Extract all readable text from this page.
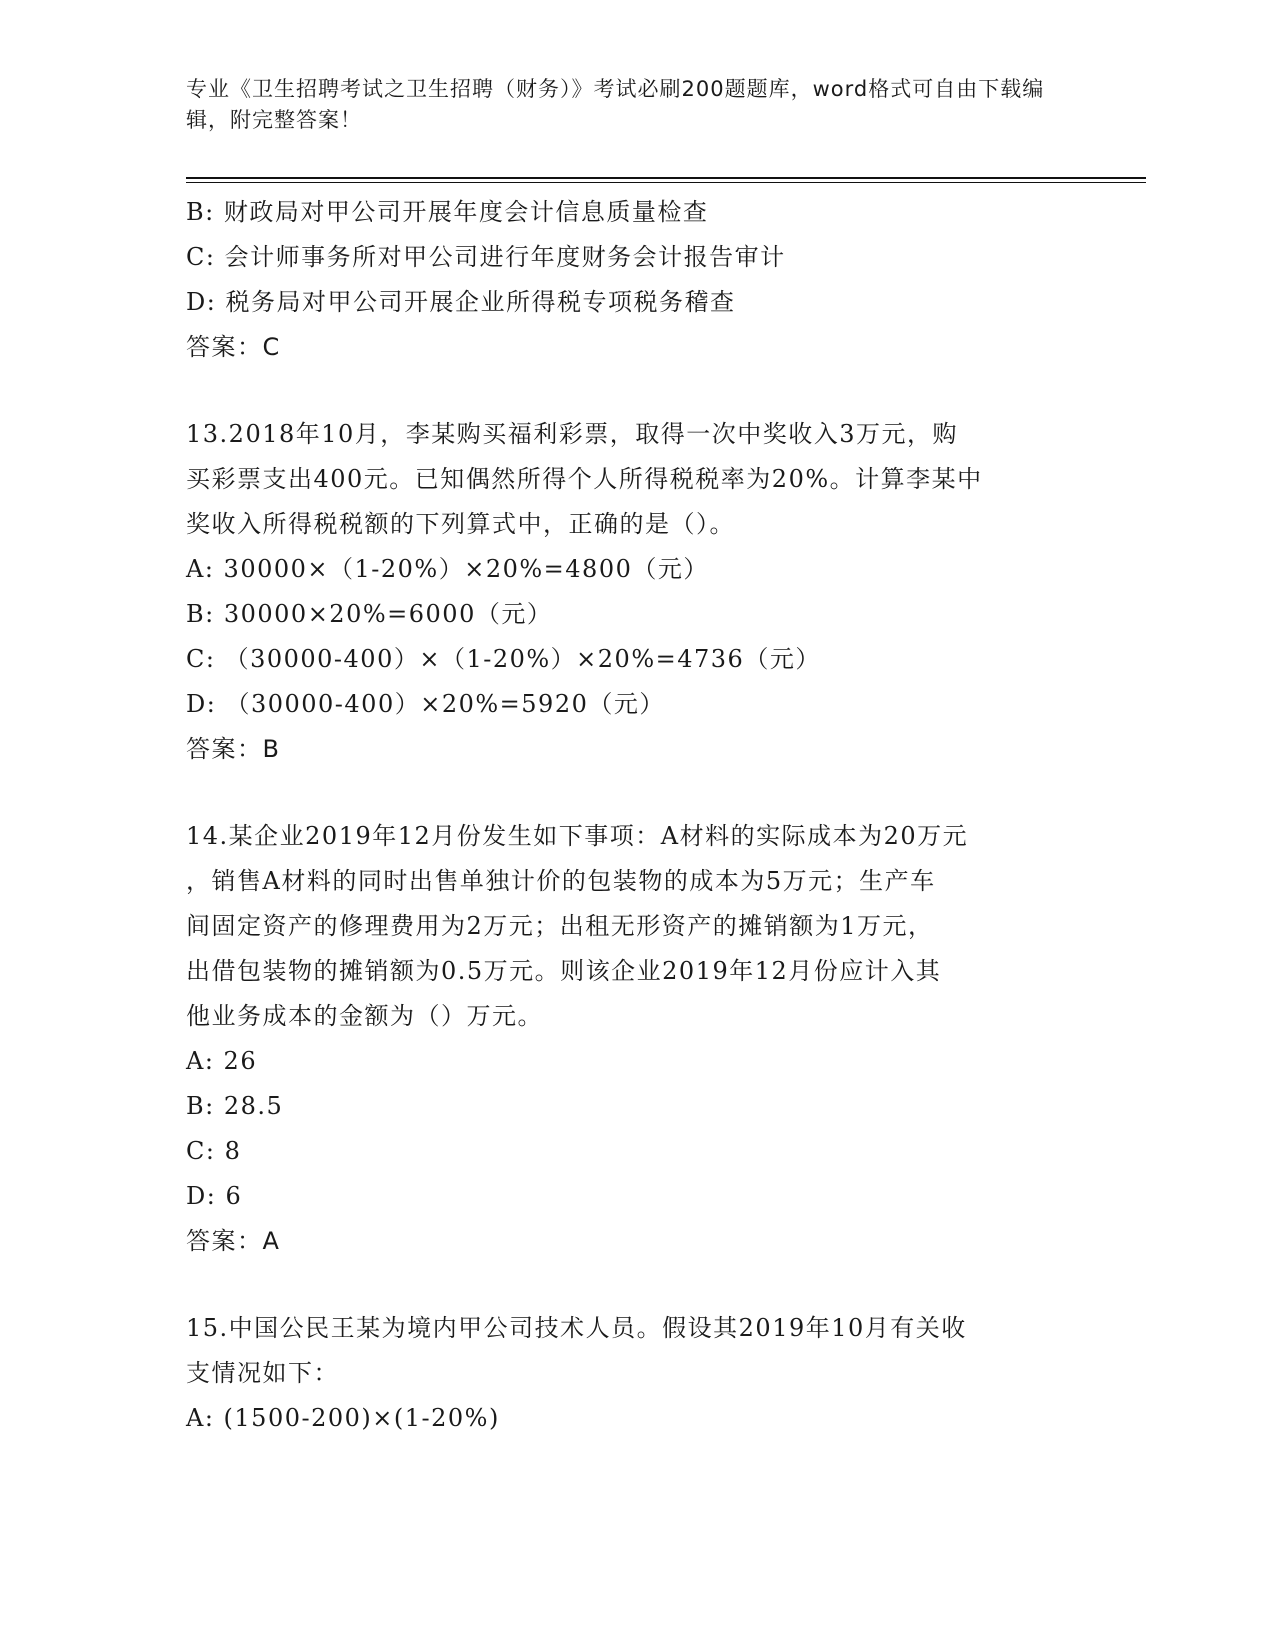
专业《卫生招聘考试之卫生招聘（财务）》考试必刷200题题库，word格式可自由下载编辑，附完整答案！
B: 财政局对甲公司开展年度会计信息质量检查
C: 会计师事务所对甲公司进行年度财务会计报告审计
D: 税务局对甲公司开展企业所得税专项税务稽查
答案：C
13.2018年10月，李某购买福利彩票，取得一次中奖收入3万元，购
买彩票支出400元。已知偶然所得个人所得税税率为20%。计算李某中
奖收入所得税税额的下列算式中，正确的是（）。
A: 30000×（1-20%）×20%=4800（元）
B: 30000×20%=6000（元）
C: （30000-400）×（1-20%）×20%=4736（元）
D: （30000-400）×20%=5920（元）
答案：B
14.某企业2019年12月份发生如下事项：A材料的实际成本为20万元
，销售A材料的同时出售单独计价的包装物的成本为5万元；生产车
间固定资产的修理费用为2万元；出租无形资产的摊销额为1万元，
出借包装物的摊销额为0.5万元。则该企业2019年12月份应计入其
他业务成本的金额为（）万元。
A: 26
B: 28.5
C: 8
D: 6
答案：A
15.中国公民王某为境内甲公司技术人员。假设其2019年10月有关收
支情况如下：
A: (1500-200)×(1-20%)
